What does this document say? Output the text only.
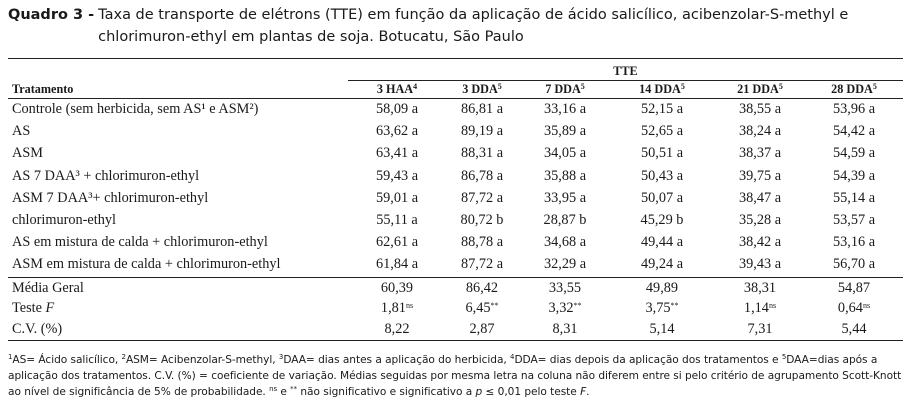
Quadro 3 - Taxa de transporte de elétrons (TTE) em função da aplicação de ácido salicílico, acibenzolar-S-methyl e chlorimuron-ethyl em plantas de soja. Botucatu, São Paulo
TTE
Tratamento	3 HAA$^4$	3 DDA$^5$	7 DDA$^5$	14 DDA$^5$	21 DDA$^5$	28 DDA$^5$
Controle (sem herbicida, sem AS¹ e ASM²)	58,09 a	86,81 a	33,16 a	52,15 a	38,55 a	53,96 a
AS	63,62 a	89,19 a	35,89 a	52,65 a	38,24 a	54,42 a
ASM	63,41 a	88,31 a	34,05 a	50,51 a	38,37 a	54,59 a
AS 7 DAA³ + chlorimuron-ethyl	59,43 a	86,78 a	35,88 a	50,43 a	39,75 a	54,39 a
ASM 7 DAA³+ chlorimuron-ethyl	59,01 a	87,72 a	33,95 a	50,07 a	38,47 a	55,14 a
chlorimuron-ethyl	55,11 a	80,72 b	28,87 b	45,29 b	35,28 a	53,57 a
AS em mistura de calda + chlorimuron-ethyl	62,61 a	88,78 a	34,68 a	49,44 a	38,42 a	53,16 a
ASM em mistura de calda + chlorimuron-ethyl	61,84 a	87,72 a	32,29 a	49,24 a	39,43 a	56,70 a
Média Geral	60,39	86,42	33,55	49,89	38,31	54,87
Teste F	$1,81^{ns}$	6,45**	3,32**	3,75**	$1,14^{ns}$	$0,64^{ns}$
C.V. (%)	8,22	2,87	8,31	5,14	7,31	5,44
$^1$AS= Ácido salicílico, $^2$ASM= Acibenzolar-S-methyl, $^3$DAA= dias antes a aplicação do herbicida, $^4$DDA= dias depois da aplicação dos tratamentos e $^5$DAA=dias após a aplicação dos tratamentos. C.V. (%) = coeficiente de variação. Médias seguidas por mesma letra na coluna não diferem entre si pelo critério de agrupamento Scott-Knott ao nível de significância de 5% de probabilidade. $^{ns}$ e ** não significativo e significativo a p ≤ 0,01 pelo teste F.
